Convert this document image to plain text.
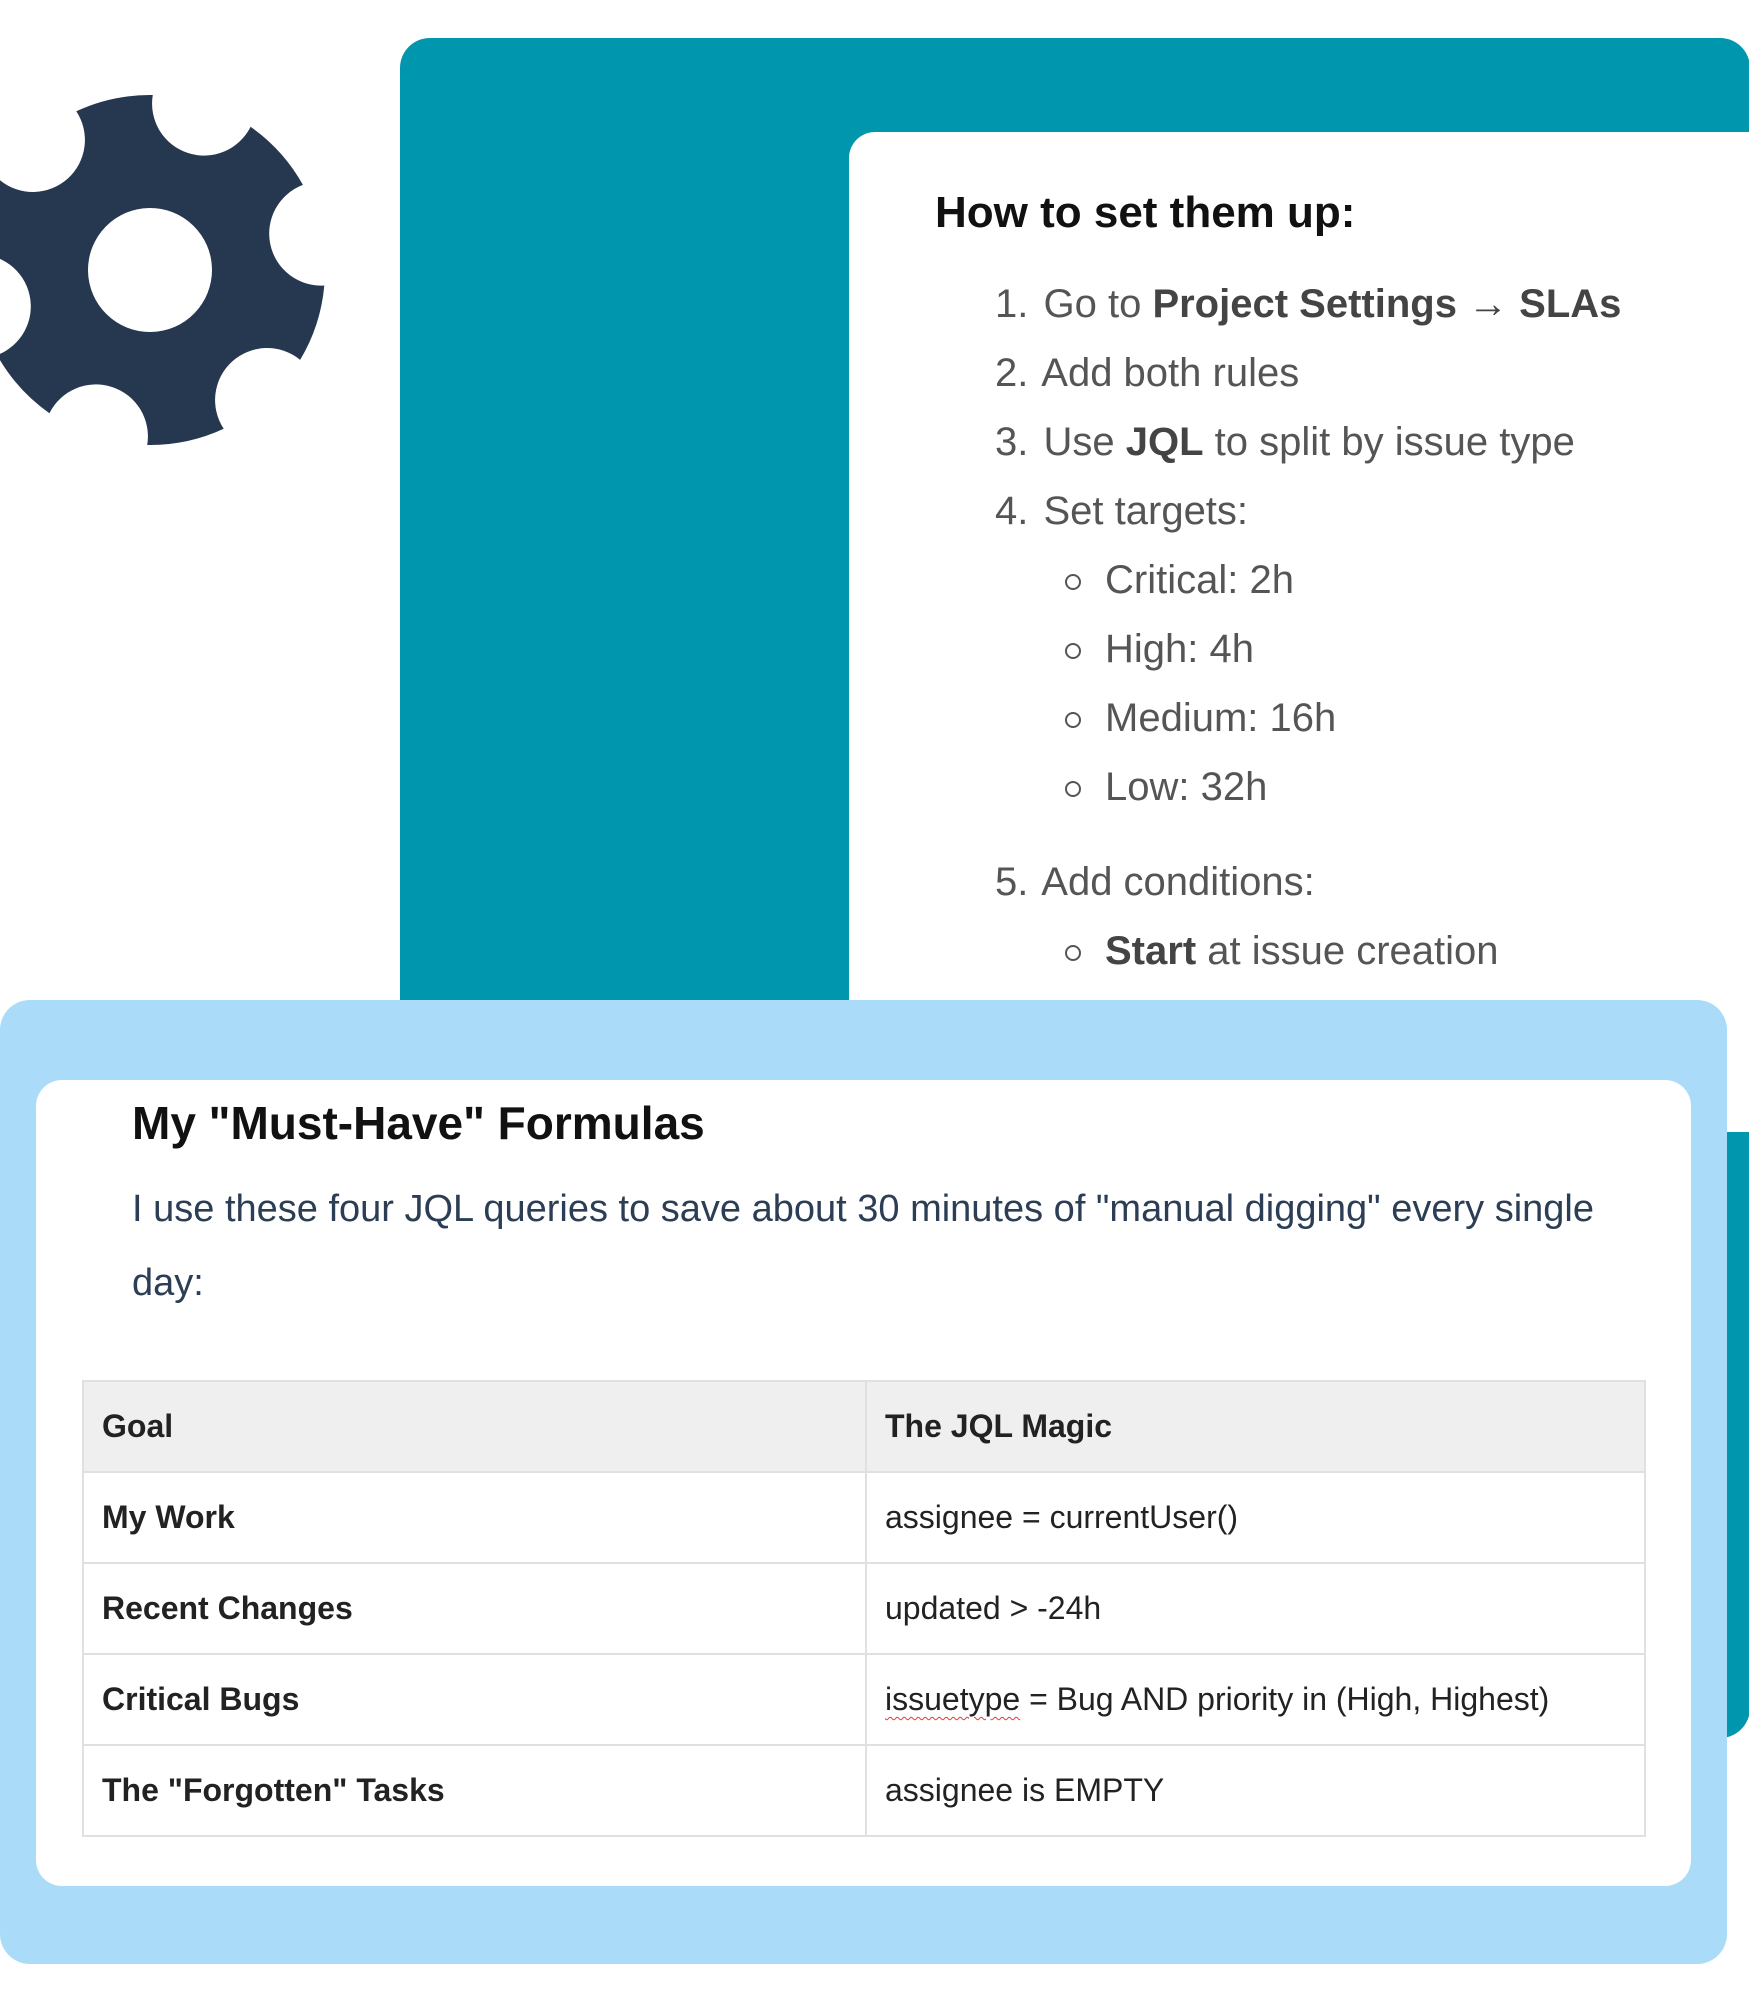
How to set them up:
1. Go to Project Settings → SLAs
2. Add both rules
3. Use JQL to split by issue type
4. Set targets:
Critical: 2h
High: 4h
Medium: 16h
Low: 32h
5. Add conditions:
Start at issue creation
My "Must-Have" Formulas

I use these four JQL queries to save about 30 minutes of "manual digging" every single day:

Goal	The JQL Magic
My Work	assignee = currentUser()
Recent Changes	updated > -24h
Critical Bugs	issuetype = Bug AND priority in (High, Highest)
The "Forgotten" Tasks	assignee is EMPTY
